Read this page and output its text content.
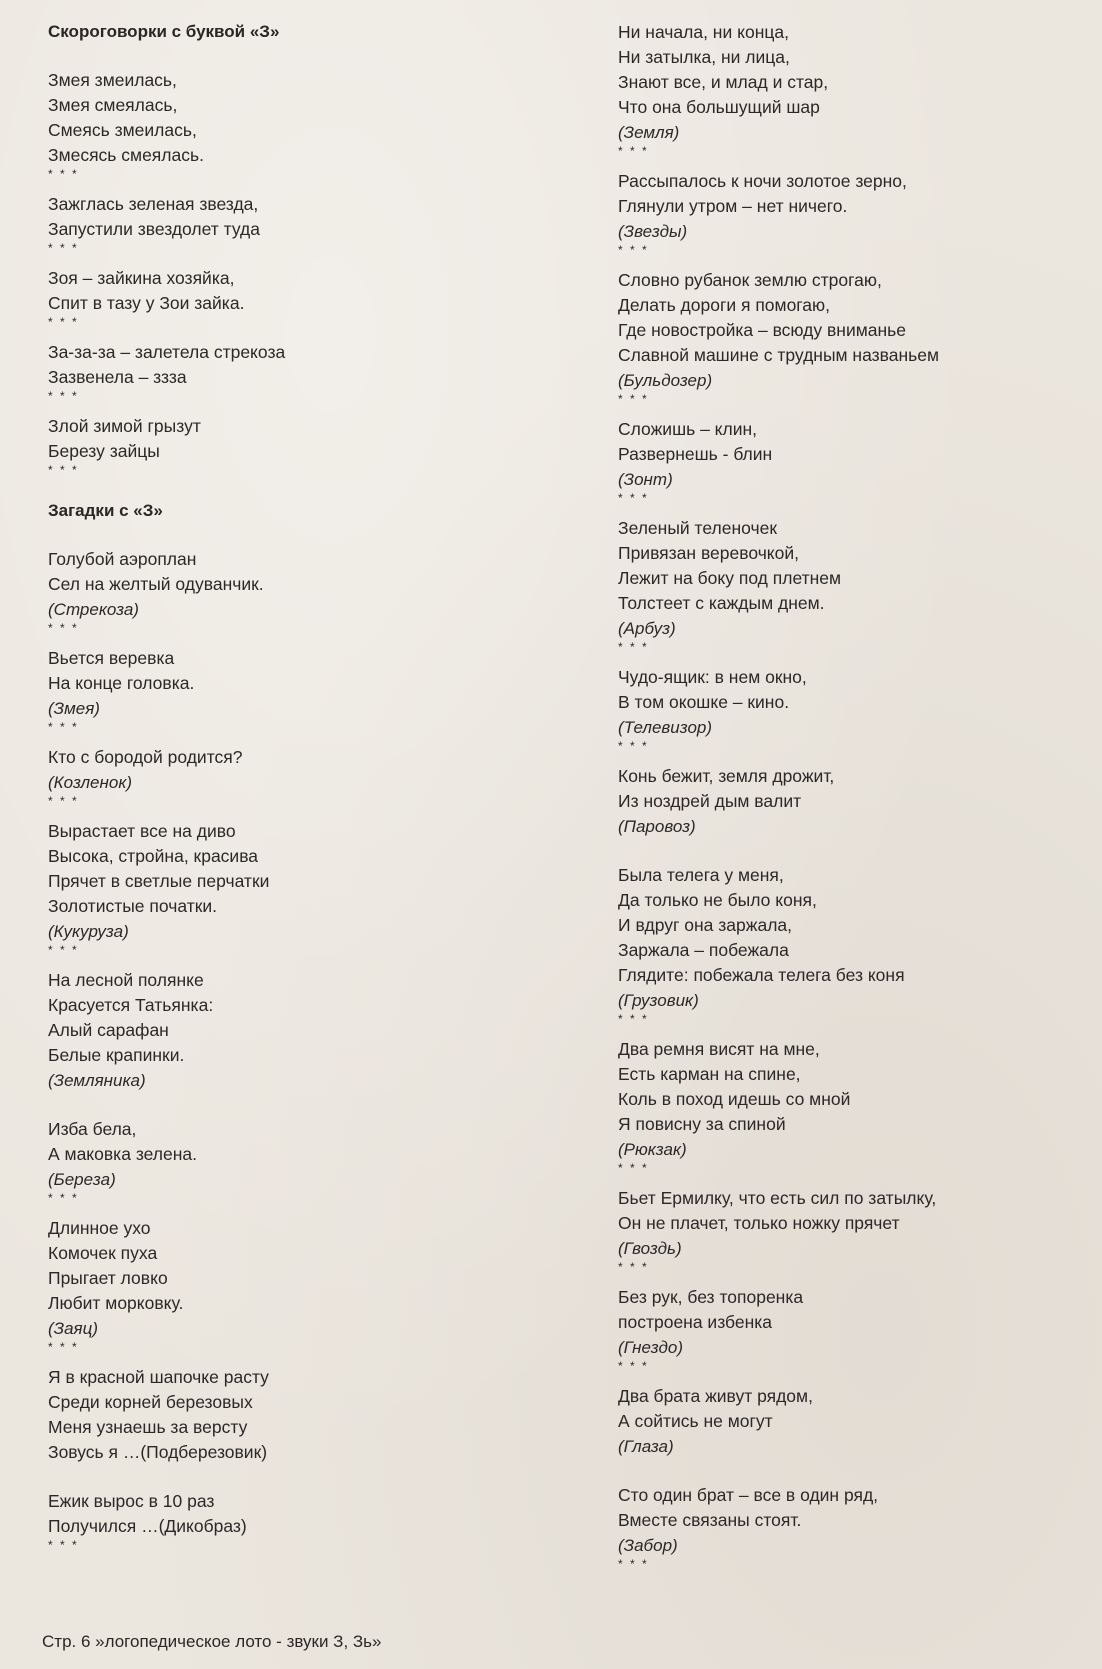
Скороговорки с буквой «З»
Змея змеилась,
Змея смеялась,
Смеясь змеилась,
Змесясь смеялась.
* * *
Зажглась зеленая звезда,
Запустили звездолет туда
* * *
Зоя – зайкина хозяйка,
Спит в тазу у Зои зайка.
* * *
За-за-за – залетела стрекоза
Зазвенела – ззза
* * *
Злой зимой грызут
Березу зайцы
* * *
Загадки с «З»
Голубой аэроплан
Сел на желтый одуванчик.
(Стрекоза)
* * *
Вьется веревка
На конце головка.
(Змея)
* * *
Кто с бородой родится?
(Козленок)
* * *
Вырастает все на диво
Высока, стройна, красива
Прячет в светлые перчатки
Золотистые початки.
(Кукуруза)
* * *
На лесной полянке
Красуется Татьянка:
Алый сарафан
Белые крапинки.
(Земляника)

Изба бела,
А маковка зелена.
(Береза)
* * *
Длинное ухо
Комочек пуха
Прыгает ловко
Любит морковку.
(Заяц)
* * *
Я в красной шапочке расту
Среди корней березовых
Меня узнаешь за версту
Зовусь я …(Подберезовик)

Ежик вырос в 10 раз
Получился …(Дикобраз)
* * *
Ни начала, ни конца,
Ни затылка, ни лица,
Знают все, и млад и стар,
Что она большущий шар
(Земля)
* * *
Рассыпалось к ночи золотое зерно,
Глянули утром – нет ничего.
(Звезды)
* * *
Словно рубанок землю строгаю,
Делать дороги я помогаю,
Где новостройка – всюду вниманье
Славной машине с трудным названьем
(Бульдозер)
* * *
Сложишь – клин,
Развернешь - блин
(Зонт)
* * *
Зеленый теленочек
Привязан веревочкой,
Лежит на боку под плетнем
Толстеет с каждым днем.
(Арбуз)
* * *
Чудо-ящик: в нем окно,
В том окошке – кино.
(Телевизор)
* * *
Конь бежит, земля дрожит,
Из ноздрей дым валит
(Паровоз)

Была телега у меня,
Да только не было коня,
И вдруг она заржала,
Заржала – побежала
Глядите: побежала телега без коня
(Грузовик)
* * *
Два ремня висят на мне,
Есть карман на спине,
Коль в поход идешь со мной
Я повисну за спиной
(Рюкзак)
* * *
Бьет Ермилку, что есть сил по затылку,
Он не плачет, только ножку прячет
(Гвоздь)
* * *
Без рук, без топоренка
построена избенка
(Гнездо)
* * *
Два брата живут рядом,
А сойтись не могут
(Глаза)

Сто один брат – все в один ряд,
Вместе связаны стоят.
(Забор)
* * *
Стр. 6 »логопедическое лото - звуки З, Зь»
